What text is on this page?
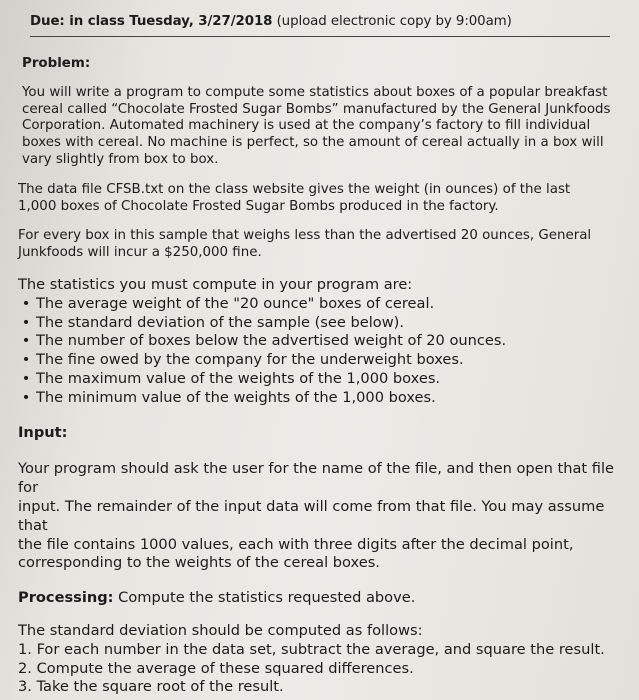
Due: in class Tuesday, 3/27/2018 (upload electronic copy by 9:00am)

Problem:

You will write a program to compute some statistics about boxes of a popular breakfast
cereal called “Chocolate Frosted Sugar Bombs” manufactured by the General Junkfoods
Corporation. Automated machinery is used at the company’s factory to fill individual
boxes with cereal. No machine is perfect, so the amount of cereal actually in a box will
vary slightly from box to box.

The data file CFSB.txt on the class website gives the weight (in ounces) of the last
1,000 boxes of Chocolate Frosted Sugar Bombs produced in the factory.

For every box in this sample that weighs less than the advertised 20 ounces, General
Junkfoods will incur a $250,000 fine.

The statistics you must compute in your program are:

• The average weight of the "20 ounce" boxes of cereal.
• The standard deviation of the sample (see below).
• The number of boxes below the advertised weight of 20 ounces.
• The fine owed by the company for the underweight boxes.
• The maximum value of the weights of the 1,000 boxes.
• The minimum value of the weights of the 1,000 boxes.

Input:

Your program should ask the user for the name of the file, and then open that file for
input. The remainder of the input data will come from that file. You may assume that
the file contains 1000 values, each with three digits after the decimal point,
corresponding to the weights of the cereal boxes.

Processing: Compute the statistics requested above.

The standard deviation should be computed as follows:

1. For each number in the data set, subtract the average, and square the result.
2. Compute the average of these squared differences.
3. Take the square root of the result.
